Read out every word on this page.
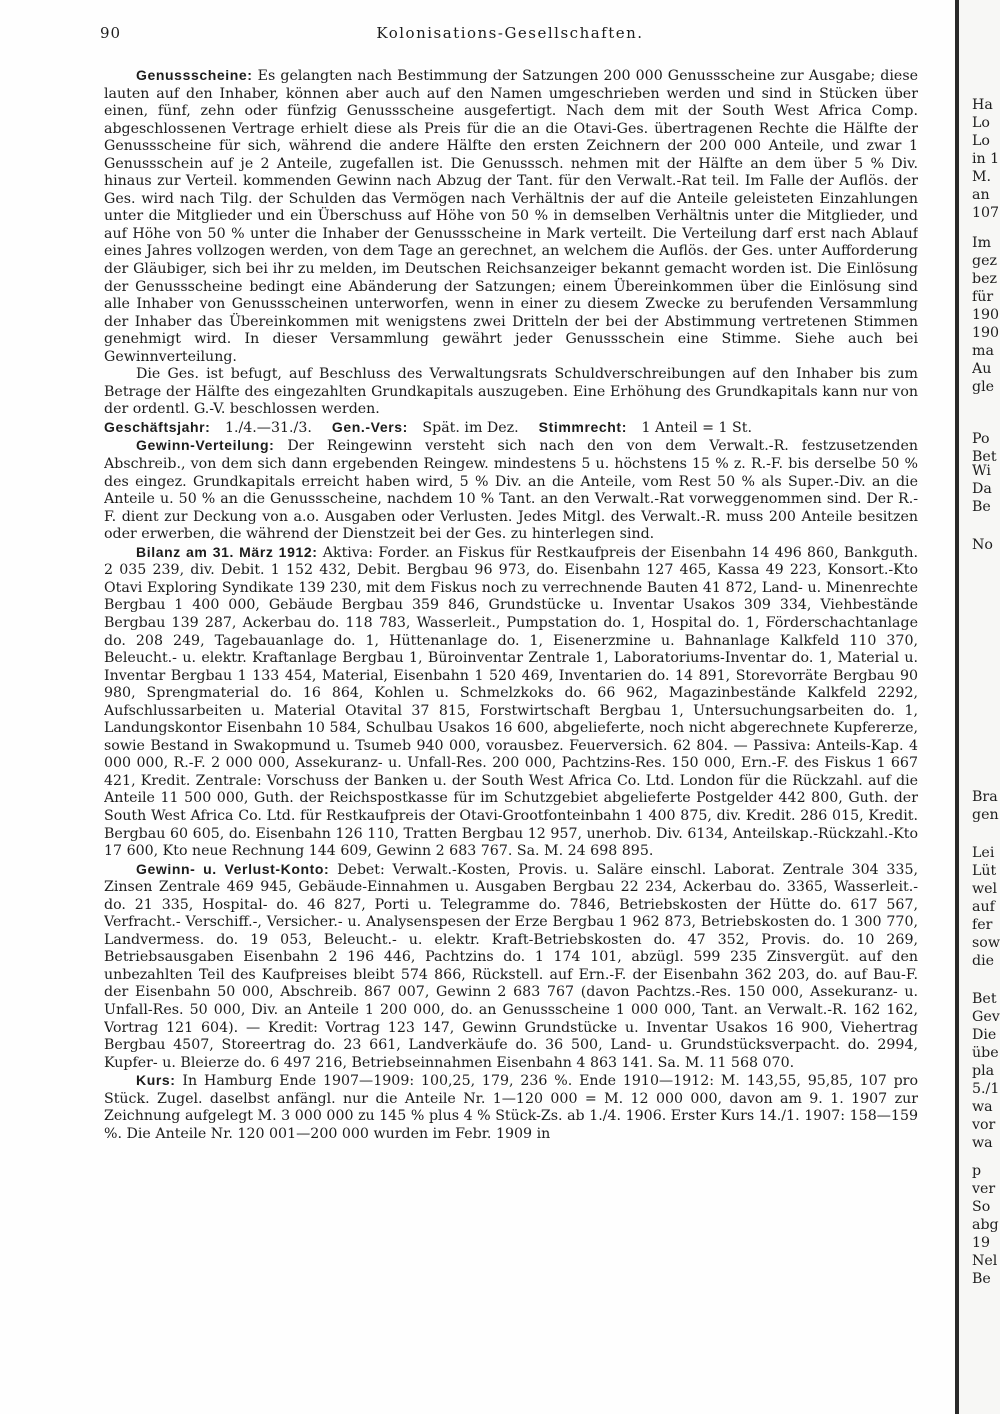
90	Kolonisations-Gesellschaften.

Genussscheine: Es gelangten nach Bestimmung der Satzungen 200 000 Genussscheine zur Ausgabe; diese lauten auf den Inhaber, können aber auch auf den Namen umgeschrieben werden und sind in Stücken über einen, fünf, zehn oder fünfzig Genussscheine ausgefertigt. Nach dem mit der South West Africa Comp. abgeschlossenen Vertrage erhielt diese als Preis für die an die Otavi-Ges. übertragenen Rechte die Hälfte der Genussscheine für sich, während die andere Hälfte den ersten Zeichnern der 200 000 Anteile, und zwar 1 Genussschein auf je 2 Anteile, zugefallen ist. Die Genusssch. nehmen mit der Hälfte an dem über 5 % Div. hinaus zur Verteil. kommenden Gewinn nach Abzug der Tant. für den Verwalt.-Rat teil. Im Falle der Auflös. der Ges. wird nach Tilg. der Schulden das Vermögen nach Verhältnis der auf die Anteile geleisteten Einzahlungen unter die Mitglieder und ein Überschuss auf Höhe von 50 % in demselben Verhältnis unter die Mitglieder, und auf Höhe von 50 % unter die Inhaber der Genussscheine in Mark verteilt. Die Verteilung darf erst nach Ablauf eines Jahres vollzogen werden, von dem Tage an gerechnet, an welchem die Auflös. der Ges. unter Aufforderung der Gläubiger, sich bei ihr zu melden, im Deutschen Reichsanzeiger bekannt gemacht worden ist. Die Einlösung der Genussscheine bedingt eine Abänderung der Satzungen; einem Übereinkommen über die Einlösung sind alle Inhaber von Genussscheinen unterworfen, wenn in einer zu diesem Zwecke zu berufenden Versammlung der Inhaber das Übereinkommen mit wenigstens zwei Dritteln der bei der Abstimmung vertretenen Stimmen genehmigt wird. In dieser Versammlung gewährt jeder Genussschein eine Stimme. Siehe auch bei Gewinnverteilung.

Die Ges. ist befugt, auf Beschluss des Verwaltungsrats Schuldverschreibungen auf den Inhaber bis zum Betrage der Hälfte des eingezahlten Grundkapitals auszugeben. Eine Erhöhung des Grundkapitals kann nur von der ordentl. G.-V. beschlossen werden.

Geschäftsjahr: 1./4.—31./3. Gen.-Vers: Spät. im Dez. Stimmrecht: 1 Anteil = 1 St.

Gewinn-Verteilung: Der Reingewinn versteht sich nach den von dem Verwalt.-R. festzusetzenden Abschreib., von dem sich dann ergebenden Reingew. mindestens 5 u. höchstens 15 % z. R.-F. bis derselbe 50 % des eingez. Grundkapitals erreicht haben wird, 5 % Div. an die Anteile, vom Rest 50 % als Super.-Div. an die Anteile u. 50 % an die Genussscheine, nachdem 10 % Tant. an den Verwalt.-Rat vorweggenommen sind. Der R.-F. dient zur Deckung von a.o. Ausgaben oder Verlusten. Jedes Mitgl. des Verwalt.-R. muss 200 Anteile besitzen oder erwerben, die während der Dienstzeit bei der Ges. zu hinterlegen sind.

Bilanz am 31. März 1912: Aktiva: Forder. an Fiskus für Restkaufpreis der Eisenbahn 14 496 860, Bankguth. 2 035 239, div. Debit. 1 152 432, Debit. Bergbau 96 973, do. Eisenbahn 127 465, Kassa 49 223, Konsort.-Kto Otavi Exploring Syndikate 139 230, mit dem Fiskus noch zu verrechnende Bauten 41 872, Land- u. Minenrechte Bergbau 1 400 000, Gebäude Bergbau 359 846, Grundstücke u. Inventar Usakos 309 334, Viehbestände Bergbau 139 287, Ackerbau do. 118 783, Wasserleit., Pumpstation do. 1, Hospital do. 1, Förderschachtanlage do. 208 249, Tagebauanlage do. 1, Hüttenanlage do. 1, Eisenerzmine u. Bahnanlage Kalkfeld 110 370, Beleucht.- u. elektr. Kraftanlage Bergbau 1, Büroinventar Zentrale 1, Laboratoriums-Inventar do. 1, Material u. Inventar Bergbau 1 133 454, Material, Eisenbahn 1 520 469, Inventarien do. 14 891, Storevorräte Bergbau 90 980, Sprengmaterial do. 16 864, Kohlen u. Schmelzkoks do. 66 962, Magazinbestände Kalkfeld 2292, Aufschlussarbeiten u. Material Otavital 37 815, Forstwirtschaft Bergbau 1, Untersuchungsarbeiten do. 1, Landungskontor Eisenbahn 10 584, Schulbau Usakos 16 600, abgelieferte, noch nicht abgerechnete Kupfererze, sowie Bestand in Swakopmund u. Tsumeb 940 000, vorausbez. Feuerversich. 62 804. — Passiva: Anteils-Kap. 4 000 000, R.-F. 2 000 000, Assekuranz- u. Unfall-Res. 200 000, Pachtzins-Res. 150 000, Ern.-F. des Fiskus 1 667 421, Kredit. Zentrale: Vorschuss der Banken u. der South West Africa Co. Ltd. London für die Rückzahl. auf die Anteile 11 500 000, Guth. der Reichspostkasse für im Schutzgebiet abgelieferte Postgelder 442 800, Guth. der South West Africa Co. Ltd. für Restkaufpreis der Otavi-Grootfonteinbahn 1 400 875, div. Kredit. 286 015, Kredit. Bergbau 60 605, do. Eisenbahn 126 110, Tratten Bergbau 12 957, unerhob. Div. 6134, Anteilskap.-Rückzahl.-Kto 17 600, Kto neue Rechnung 144 609, Gewinn 2 683 767. Sa. M. 24 698 895.

Gewinn- u. Verlust-Konto: Debet: Verwalt.-Kosten, Provis. u. Saläre einschl. Laborat. Zentrale 304 335, Zinsen Zentrale 469 945, Gebäude-Einnahmen u. Ausgaben Bergbau 22 234, Ackerbau do. 3365, Wasserleit.- do. 21 335, Hospital- do. 46 827, Porti u. Telegramme do. 7846, Betriebskosten der Hütte do. 617 567, Verfracht.- Verschiff.-, Versicher.- u. Analysenspesen der Erze Bergbau 1 962 873, Betriebskosten do. 1 300 770, Landvermess. do. 19 053, Beleucht.- u. elektr. Kraft-Betriebskosten do. 47 352, Provis. do. 10 269, Betriebsausgaben Eisenbahn 2 196 446, Pachtzins do. 1 174 101, abzügl. 599 235 Zinsvergüt. auf den unbezahlten Teil des Kaufpreises bleibt 574 866, Rückstell. auf Ern.-F. der Eisenbahn 362 203, do. auf Bau-F. der Eisenbahn 50 000, Abschreib. 867 007, Gewinn 2 683 767 (davon Pachtzs.-Res. 150 000, Assekuranz- u. Unfall-Res. 50 000, Div. an Anteile 1 200 000, do. an Genussscheine 1 000 000, Tant. an Verwalt.-R. 162 162, Vortrag 121 604). — Kredit: Vortrag 123 147, Gewinn Grundstücke u. Inventar Usakos 16 900, Viehertrag Bergbau 4507, Storeertrag do. 23 661, Landverkäufe do. 36 500, Land- u. Grundstücksverpacht. do. 2994, Kupfer- u. Bleierze do. 6 497 216, Betriebseinnahmen Eisenbahn 4 863 141. Sa. M. 11 568 070.

Kurs: In Hamburg Ende 1907—1909: 100,25, 179, 236 %. Ende 1910—1912: M. 143,55, 95,85, 107 pro Stück. Zugel. daselbst anfängl. nur die Anteile Nr. 1—120 000 = M. 12 000 000, davon am 9. 1. 1907 zur Zeichnung aufgelegt M. 3 000 000 zu 145 % plus 4 % Stück-Zs. ab 1./4. 1906. Erster Kurs 14./1. 1907: 158—159 %. Die Anteile Nr. 120 001—200 000 wurden im Febr. 1909 in

Ha
Lo
Lo
in 1
M.
an
107
Im
gez
bez
für
190
190
ma
Au
gle
Po
Bet
Wi
Da
Be
No
Bra
gen
Lei
Lüt
wel
auf
fer
sow
die
Bet
Gev
Die
übe
pla
5./1
wa
vor
wa
p
ver
So
abg
19
Nel
Be
